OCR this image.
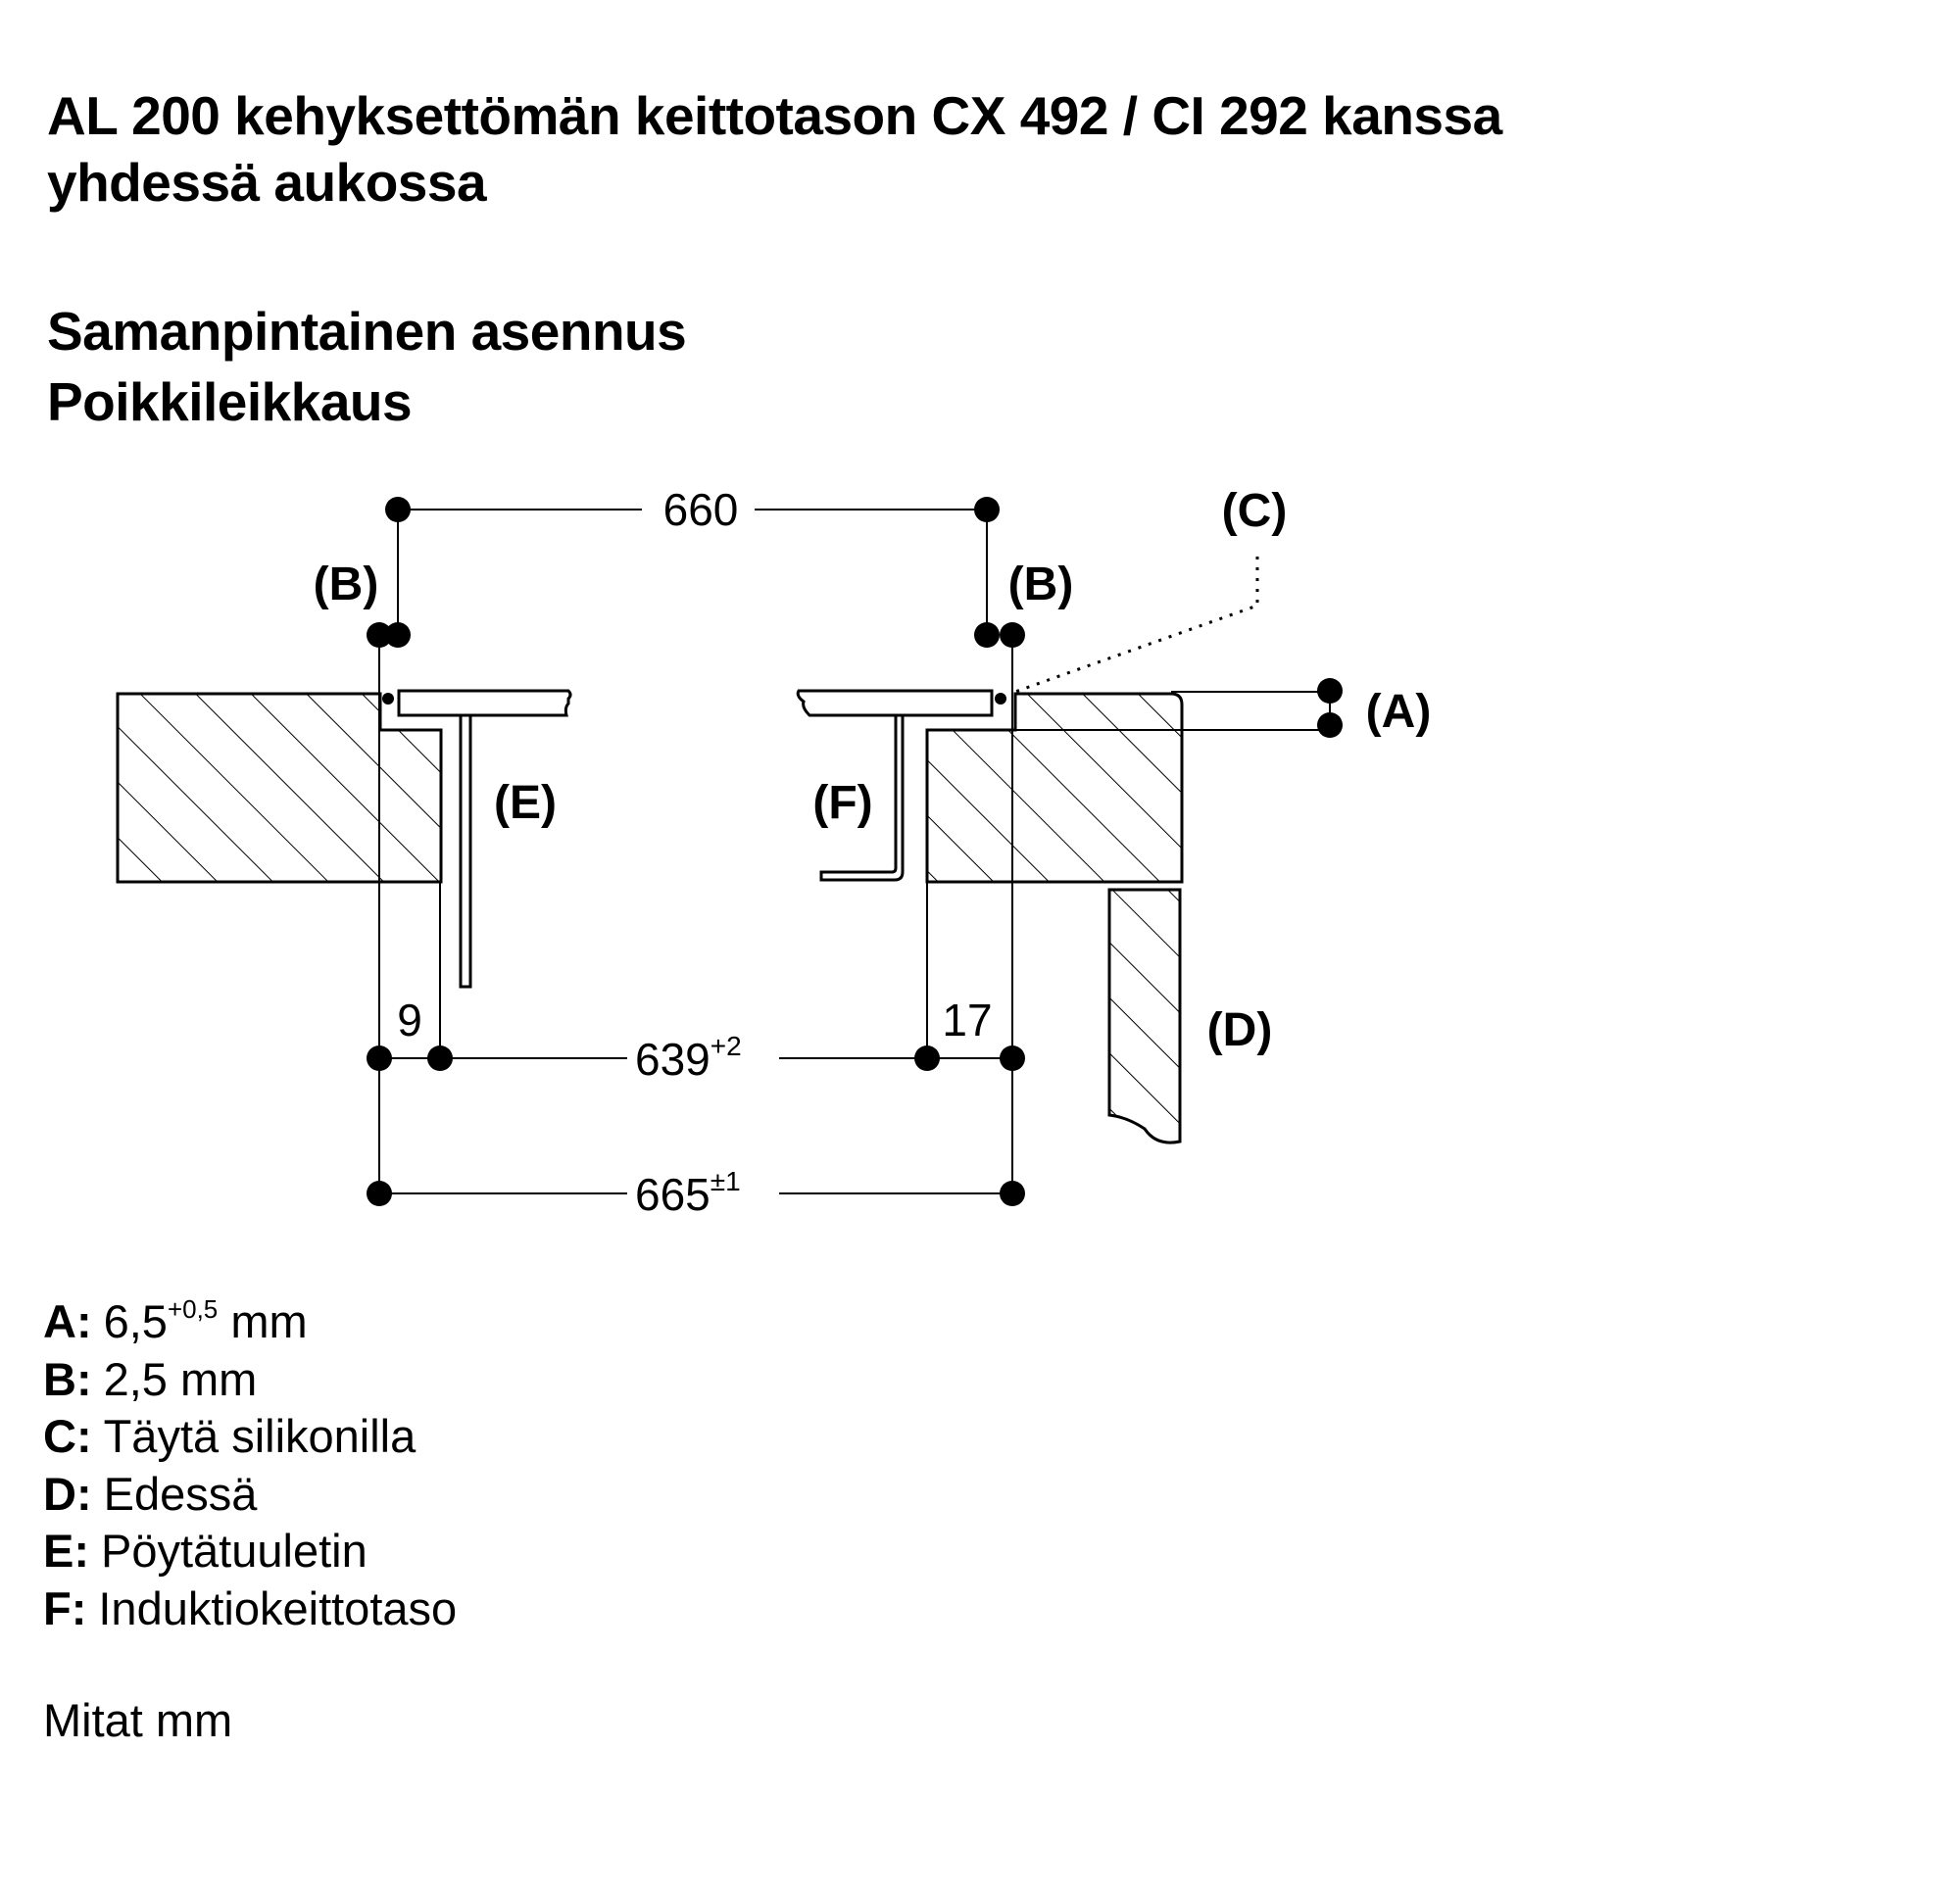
AL 200 kehyksettömän keittotason CX 492 / CI 292 kanssa
yhdessä aukossa
Samanpintainen asennus
Poikkileikkaus
660
9	17
$639^{+2}$
$665^{\pm 1}$
(B)	(B)
(C)
(A)
(E)	(F)
(D)
A: $6,5^{+0,5}$ mm
B: 2,5 mm
C: Täytä silikonilla
D: Edessä
E: Pöytätuuletin
F: Induktiokeittotaso
Mitat mm
